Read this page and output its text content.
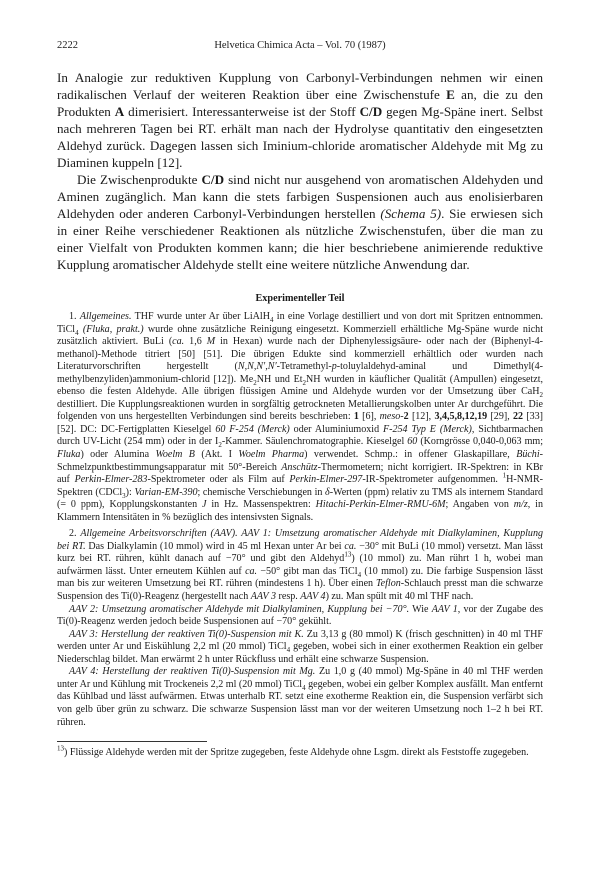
2222	Helvetica Chimica Acta – Vol. 70 (1987)

In Analogie zur reduktiven Kupplung von Carbonyl-Verbindungen nehmen wir einen radikalischen Verlauf der weiteren Reaktion über eine Zwischenstufe E an, die zu den Produkten A dimerisiert. Interessanterweise ist der Stoff C/D gegen Mg-Späne inert. Selbst nach mehreren Tagen bei RT. erhält man nach der Hydrolyse quantitativ den eingesetzten Aldehyd zurück. Dagegen lassen sich Iminium-chloride aromatischer Aldehyde mit Mg zu Diaminen kuppeln [12].

Die Zwischenprodukte C/D sind nicht nur ausgehend von aromatischen Aldehyden und Aminen zugänglich. Man kann die stets farbigen Suspensionen auch aus enolisierbaren Aldehyden oder anderen Carbonyl-Verbindungen herstellen (Schema 5). Sie erwiesen sich in einer Reihe verschiedener Reaktionen als nützliche Zwischenstufen, über die man zu einer Vielfalt von Produkten kommen kann; die hier beschriebene animierende reduktive Kupplung aromatischer Aldehyde stellt eine weitere nützliche Anwendung dar.

Experimenteller Teil

1. Allgemeines. THF wurde unter Ar über LiAlH$_4$ in eine Vorlage destilliert und von dort mit Spritzen entnommen. TiCl$_4$ (Fluka, prakt.) wurde ohne zusätzliche Reinigung eingesetzt. Kommerziell erhältliche Mg-Späne wurde nicht zusätzlich aktiviert. BuLi (ca. 1,6 M in Hexan) wurde nach der Diphenylessigsäure- oder nach der (Biphenyl-4-methanol)-Methode titriert [50] [51]. Die übrigen Edukte sind kommerziell erhältlich oder wurden nach Literaturvorschriften hergestellt (N,N,N′,N′-Tetramethyl-p-toluylaldehyd-aminal und Dimethyl(4-methylbenzyliden)ammonium-chlorid [12]). $Me_2NH$ und $Et_2NH$ wurden in käuflicher Qualität (Ampullen) eingesetzt, ebenso die festen Aldehyde. Alle übrigen flüssigen Amine und Aldehyde wurden vor der Umsetzung über CaH$_2$ destilliert. Die Kupplungsreaktionen wurden in sorgfältig getrockneten Metallierungskolben unter Ar durchgeführt. Die folgenden von uns hergestellten Verbindungen sind bereits beschrieben: 1 [6], meso-2 [12], 3,4,5,8,12,19 [29], 22 [33] [52]. DC: DC-Fertigplatten Kieselgel 60 F-254 (Merck) oder Aluminiumoxid F-254 Typ E (Merck), Sichtbarmachen durch UV-Licht (254 mm) oder in der $I_2$-Kammer. Säulenchromatographie. Kieselgel 60 (Korngrösse 0,040-0,063 mm; Fluka) oder Alumina Woelm B (Akt. I Woelm Pharma) verwendet. Schmp.: in offener Glaskapillare, Büchi-Schmelzpunktbestimmungsapparatur mit 50°-Bereich Anschütz-Thermometern; nicht korrigiert. IR-Spektren: in KBr auf Perkin-Elmer-283-Spektrometer oder als Film auf Perkin-Elmer-297-IR-Spektrometer aufgenommen. $^1$H-NMR-Spektren (CDCl$_3$): Varian-EM-390; chemische Verschiebungen in δ-Werten (ppm) relativ zu TMS als internem Standard (= 0 ppm), Kopplungskonstanten J in Hz. Massenspektren: Hitachi-Perkin-Elmer-RMU-6M; Angaben von m/z, in Klammern Intensitäten in % bezüglich des intensivsten Signals.

2. Allgemeine Arbeitsvorschriften (AAV). AAV 1: Umsetzung aromatischer Aldehyde mit Dialkylaminen, Kupplung bei RT. Das Dialkylamin (10 mmol) wird in 45 ml Hexan unter Ar bei ca. −30° mit BuLi (10 mmol) versetzt. Man lässt kurz bei RT. rühren, kühlt danach auf −70° und gibt den Aldehyd$^{13}$) (10 mmol) zu. Man rührt 1 h, wobei man aufwärmen lässt. Unter erneutem Kühlen auf ca. −50° gibt man das TiCl$_4$ (10 mmol) zu. Die farbige Suspension lässt man bis zur weiteren Umsetzung bei RT. rühren (mindestens 1 h). Über einen Teflon-Schlauch presst man die schwarze Suspension des Ti(0)-Reagenz (hergestellt nach AAV 3 resp. AAV 4) zu. Man spült mit 40 ml THF nach.

AAV 2: Umsetzung aromatischer Aldehyde mit Dialkylaminen, Kupplung bei −70°. Wie AAV 1, vor der Zugabe des Ti(0)-Reagenz werden jedoch beide Suspensionen auf −70° gekühlt.

AAV 3: Herstellung der reaktiven Ti(0)-Suspension mit K. Zu 3,13 g (80 mmol) K (frisch geschnitten) in 40 ml THF werden unter Ar und Eiskühlung 2,2 ml (20 mmol) TiCl$_4$ gegeben, wobei sich in einer exothermen Reaktion ein gelber Niederschlag bildet. Man erwärmt 2 h unter Rückfluss und erhält eine schwarze Suspension.

AAV 4: Herstellung der reaktiven Ti(0)-Suspension mit Mg. Zu 1,0 g (40 mmol) Mg-Späne in 40 ml THF werden unter Ar und Kühlung mit Trockeneis 2,2 ml (20 mmol) TiCl$_4$ gegeben, wobei ein gelber Komplex ausfällt. Man entfernt das Kühlbad und lässt aufwärmen. Etwas unterhalb RT. setzt eine exotherme Reaktion ein, die Suspension verfärbt sich von gelb über grün zu schwarz. Die schwarze Suspension lässt man vor der weiteren Umsetzung noch 1–2 h bei RT. rühren.

$^{13}$) Flüssige Aldehyde werden mit der Spritze zugegeben, feste Aldehyde ohne Lsgm. direkt als Feststoffe zugegeben.
